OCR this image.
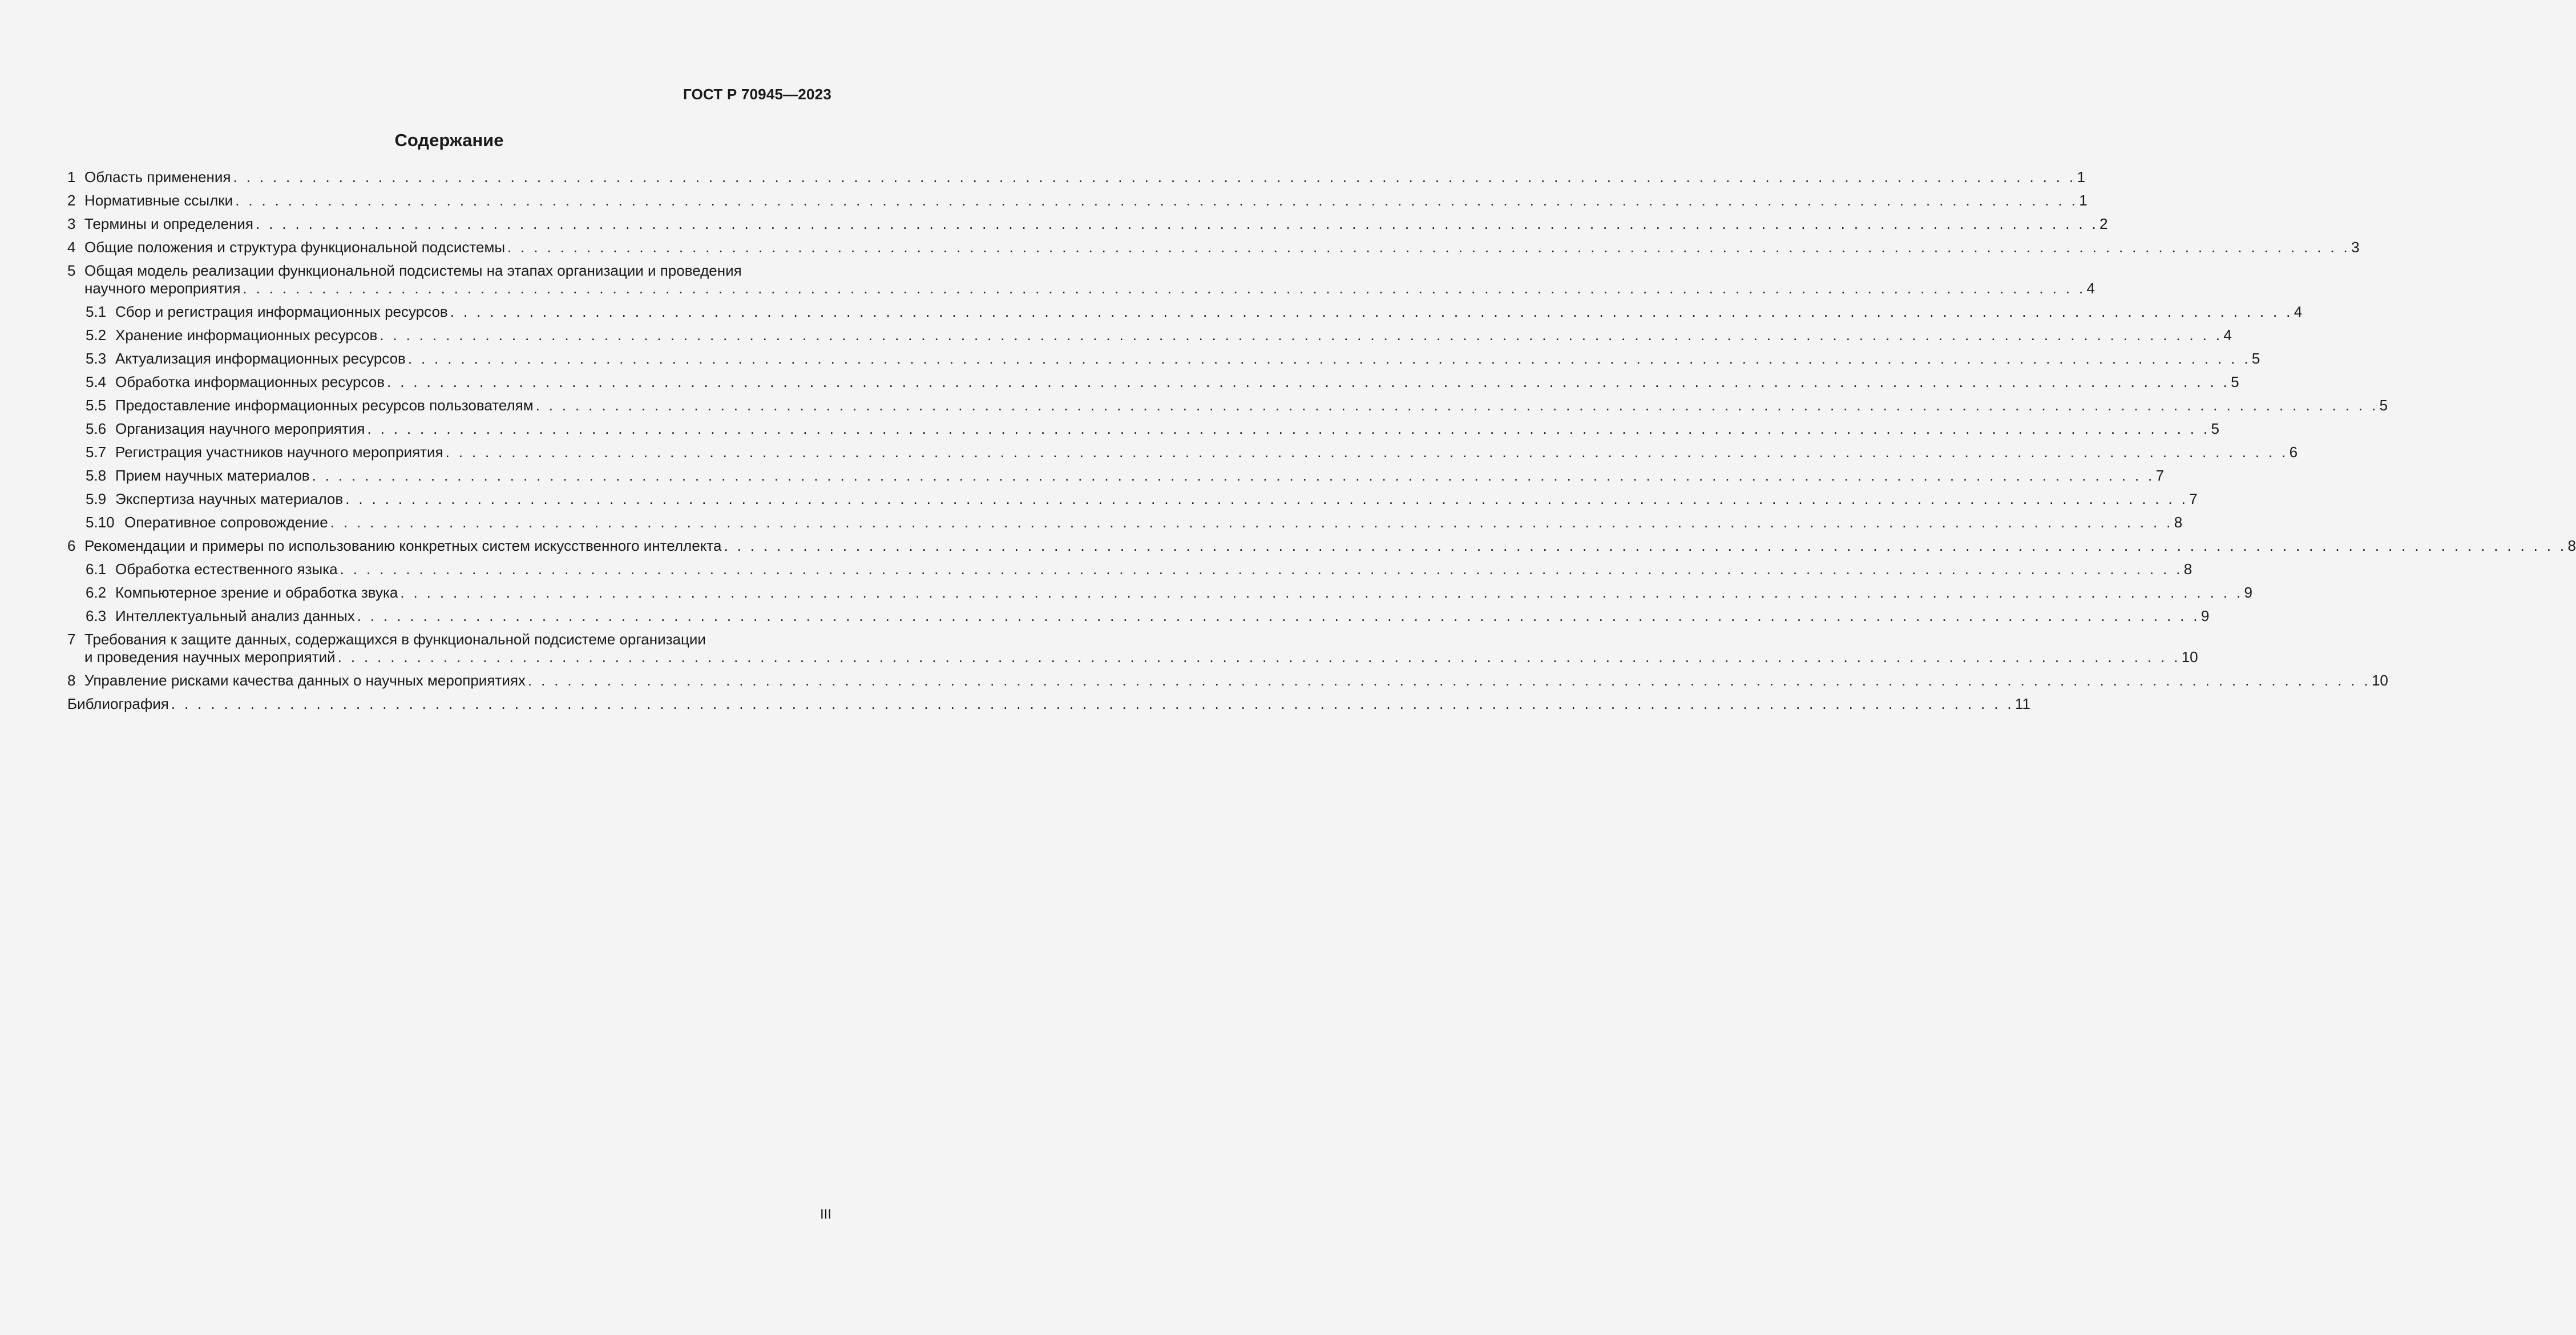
ГОСТ Р 70945—2023
Содержание
1 Область применения . . . . . . . . . . . . . . . . . . . . . . . . . . . . . . . . . . . . . . . . . . . . . . . . . . . . . . . . . . . . . . . . . . . . . . . . . . . . . . . . . . . . . . . . . . . . . . . . . . . . . . . . . . . . . . . . . . . . . . . . . . . . . . . . . . . . . . . . . . . . 1
2 Нормативные ссылки . . . . . . . . . . . . . . . . . . . . . . . . . . . . . . . . . . . . . . . . . . . . . . . . . . . . . . . . . . . . . . . . . . . . . . . . . . . . . . . . . . . . . . . . . . . . . . . . . . . . . . . . . . . . . . . . . . . . . . . . . . . . . . . . . . . . . . . . . . . . 1
3 Термины и определения . . . . . . . . . . . . . . . . . . . . . . . . . . . . . . . . . . . . . . . . . . . . . . . . . . . . . . . . . . . . . . . . . . . . . . . . . . . . . . . . . . . . . . . . . . . . . . . . . . . . . . . . . . . . . . . . . . . . . . . . . . . . . . . . . . . . . . . . . . . . 2
4 Общие положения и структура функциональной подсистемы . . . . . . . . . . . . . . . . . . . . . . . . . . . . . . . . . . . . . . . . . . . . . . . . . . . . . . . . . . . . . . . . . . . . . . . . . . . . . . . . . . . . . . . . . . . . . . . . . . . . . . . . . . . . . . . . . . . . . . . . . . . . . . . . . . . . . . . . . . . . 3
5 Общая модель реализации функциональной подсистемы на этапах организации и проведения
научного мероприятия . . . . . . . . . . . . . . . . . . . . . . . . . . . . . . . . . . . . . . . . . . . . . . . . . . . . . . . . . . . . . . . . . . . . . . . . . . . . . . . . . . . . . . . . . . . . . . . . . . . . . . . . . . . . . . . . . . . . . . . . . . . . . . . . . . . . . . . . . . . . 4
5.1 Сбор и регистрация информационных ресурсов . . . . . . . . . . . . . . . . . . . . . . . . . . . . . . . . . . . . . . . . . . . . . . . . . . . . . . . . . . . . . . . . . . . . . . . . . . . . . . . . . . . . . . . . . . . . . . . . . . . . . . . . . . . . . . . . . . . . . . . . . . . . . . . . . . . . . . . . . . . . 4
5.2 Хранение информационных ресурсов . . . . . . . . . . . . . . . . . . . . . . . . . . . . . . . . . . . . . . . . . . . . . . . . . . . . . . . . . . . . . . . . . . . . . . . . . . . . . . . . . . . . . . . . . . . . . . . . . . . . . . . . . . . . . . . . . . . . . . . . . . . . . . . . . . . . . . . . . . . . 4
5.3 Актуализация информационных ресурсов . . . . . . . . . . . . . . . . . . . . . . . . . . . . . . . . . . . . . . . . . . . . . . . . . . . . . . . . . . . . . . . . . . . . . . . . . . . . . . . . . . . . . . . . . . . . . . . . . . . . . . . . . . . . . . . . . . . . . . . . . . . . . . . . . . . . . . . . . . . . 5
5.4 Обработка информационных ресурсов . . . . . . . . . . . . . . . . . . . . . . . . . . . . . . . . . . . . . . . . . . . . . . . . . . . . . . . . . . . . . . . . . . . . . . . . . . . . . . . . . . . . . . . . . . . . . . . . . . . . . . . . . . . . . . . . . . . . . . . . . . . . . . . . . . . . . . . . . . . . 5
5.5 Предоставление информационных ресурсов пользователям . . . . . . . . . . . . . . . . . . . . . . . . . . . . . . . . . . . . . . . . . . . . . . . . . . . . . . . . . . . . . . . . . . . . . . . . . . . . . . . . . . . . . . . . . . . . . . . . . . . . . . . . . . . . . . . . . . . . . . . . . . . . . . . . . . . . . . . . . . . . 5
5.6 Организация научного мероприятия . . . . . . . . . . . . . . . . . . . . . . . . . . . . . . . . . . . . . . . . . . . . . . . . . . . . . . . . . . . . . . . . . . . . . . . . . . . . . . . . . . . . . . . . . . . . . . . . . . . . . . . . . . . . . . . . . . . . . . . . . . . . . . . . . . . . . . . . . . . . 5
5.7 Регистрация участников научного мероприятия . . . . . . . . . . . . . . . . . . . . . . . . . . . . . . . . . . . . . . . . . . . . . . . . . . . . . . . . . . . . . . . . . . . . . . . . . . . . . . . . . . . . . . . . . . . . . . . . . . . . . . . . . . . . . . . . . . . . . . . . . . . . . . . . . . . . . . . . . . . . 6
5.8 Прием научных материалов . . . . . . . . . . . . . . . . . . . . . . . . . . . . . . . . . . . . . . . . . . . . . . . . . . . . . . . . . . . . . . . . . . . . . . . . . . . . . . . . . . . . . . . . . . . . . . . . . . . . . . . . . . . . . . . . . . . . . . . . . . . . . . . . . . . . . . . . . . . . 7
5.9 Экспертиза научных материалов . . . . . . . . . . . . . . . . . . . . . . . . . . . . . . . . . . . . . . . . . . . . . . . . . . . . . . . . . . . . . . . . . . . . . . . . . . . . . . . . . . . . . . . . . . . . . . . . . . . . . . . . . . . . . . . . . . . . . . . . . . . . . . . . . . . . . . . . . . . . 7
5.10 Оперативное сопровождение . . . . . . . . . . . . . . . . . . . . . . . . . . . . . . . . . . . . . . . . . . . . . . . . . . . . . . . . . . . . . . . . . . . . . . . . . . . . . . . . . . . . . . . . . . . . . . . . . . . . . . . . . . . . . . . . . . . . . . . . . . . . . . . . . . . . . . . . . . . . 8
6 Рекомендации и примеры по использованию конкретных систем искусственного интеллекта . . . . . . . . . . . . . . . . . . . . . . . . . . . . . . . . . . . . . . . . . . . . . . . . . . . . . . . . . . . . . . . . . . . . . . . . . . . . . . . . . . . . . . . . . . . . . . . . . . . . . . . . . . . . . . . . . . . . . . . . . . . . . . . . . . . . . . . . . . . . 8
6.1 Обработка естественного языка . . . . . . . . . . . . . . . . . . . . . . . . . . . . . . . . . . . . . . . . . . . . . . . . . . . . . . . . . . . . . . . . . . . . . . . . . . . . . . . . . . . . . . . . . . . . . . . . . . . . . . . . . . . . . . . . . . . . . . . . . . . . . . . . . . . . . . . . . . . . 8
6.2 Компьютерное зрение и обработка звука . . . . . . . . . . . . . . . . . . . . . . . . . . . . . . . . . . . . . . . . . . . . . . . . . . . . . . . . . . . . . . . . . . . . . . . . . . . . . . . . . . . . . . . . . . . . . . . . . . . . . . . . . . . . . . . . . . . . . . . . . . . . . . . . . . . . . . . . . . . . 9
6.3 Интеллектуальный анализ данных . . . . . . . . . . . . . . . . . . . . . . . . . . . . . . . . . . . . . . . . . . . . . . . . . . . . . . . . . . . . . . . . . . . . . . . . . . . . . . . . . . . . . . . . . . . . . . . . . . . . . . . . . . . . . . . . . . . . . . . . . . . . . . . . . . . . . . . . . . . . 9
7 Требования к защите данных, содержащихся в функциональной подсистеме организации
и проведения научных мероприятий . . . . . . . . . . . . . . . . . . . . . . . . . . . . . . . . . . . . . . . . . . . . . . . . . . . . . . . . . . . . . . . . . . . . . . . . . . . . . . . . . . . . . . . . . . . . . . . . . . . . . . . . . . . . . . . . . . . . . . . . . . . . . . . . . . . . . . . . . . . . 10
8 Управление рисками качества данных о научных мероприятиях . . . . . . . . . . . . . . . . . . . . . . . . . . . . . . . . . . . . . . . . . . . . . . . . . . . . . . . . . . . . . . . . . . . . . . . . . . . . . . . . . . . . . . . . . . . . . . . . . . . . . . . . . . . . . . . . . . . . . . . . . . . . . . . . . . . . . . . . . . . . 10
Библиография . . . . . . . . . . . . . . . . . . . . . . . . . . . . . . . . . . . . . . . . . . . . . . . . . . . . . . . . . . . . . . . . . . . . . . . . . . . . . . . . . . . . . . . . . . . . . . . . . . . . . . . . . . . . . . . . . . . . . . . . . . . . . . . . . . . . . . . . . . . . 11
III
